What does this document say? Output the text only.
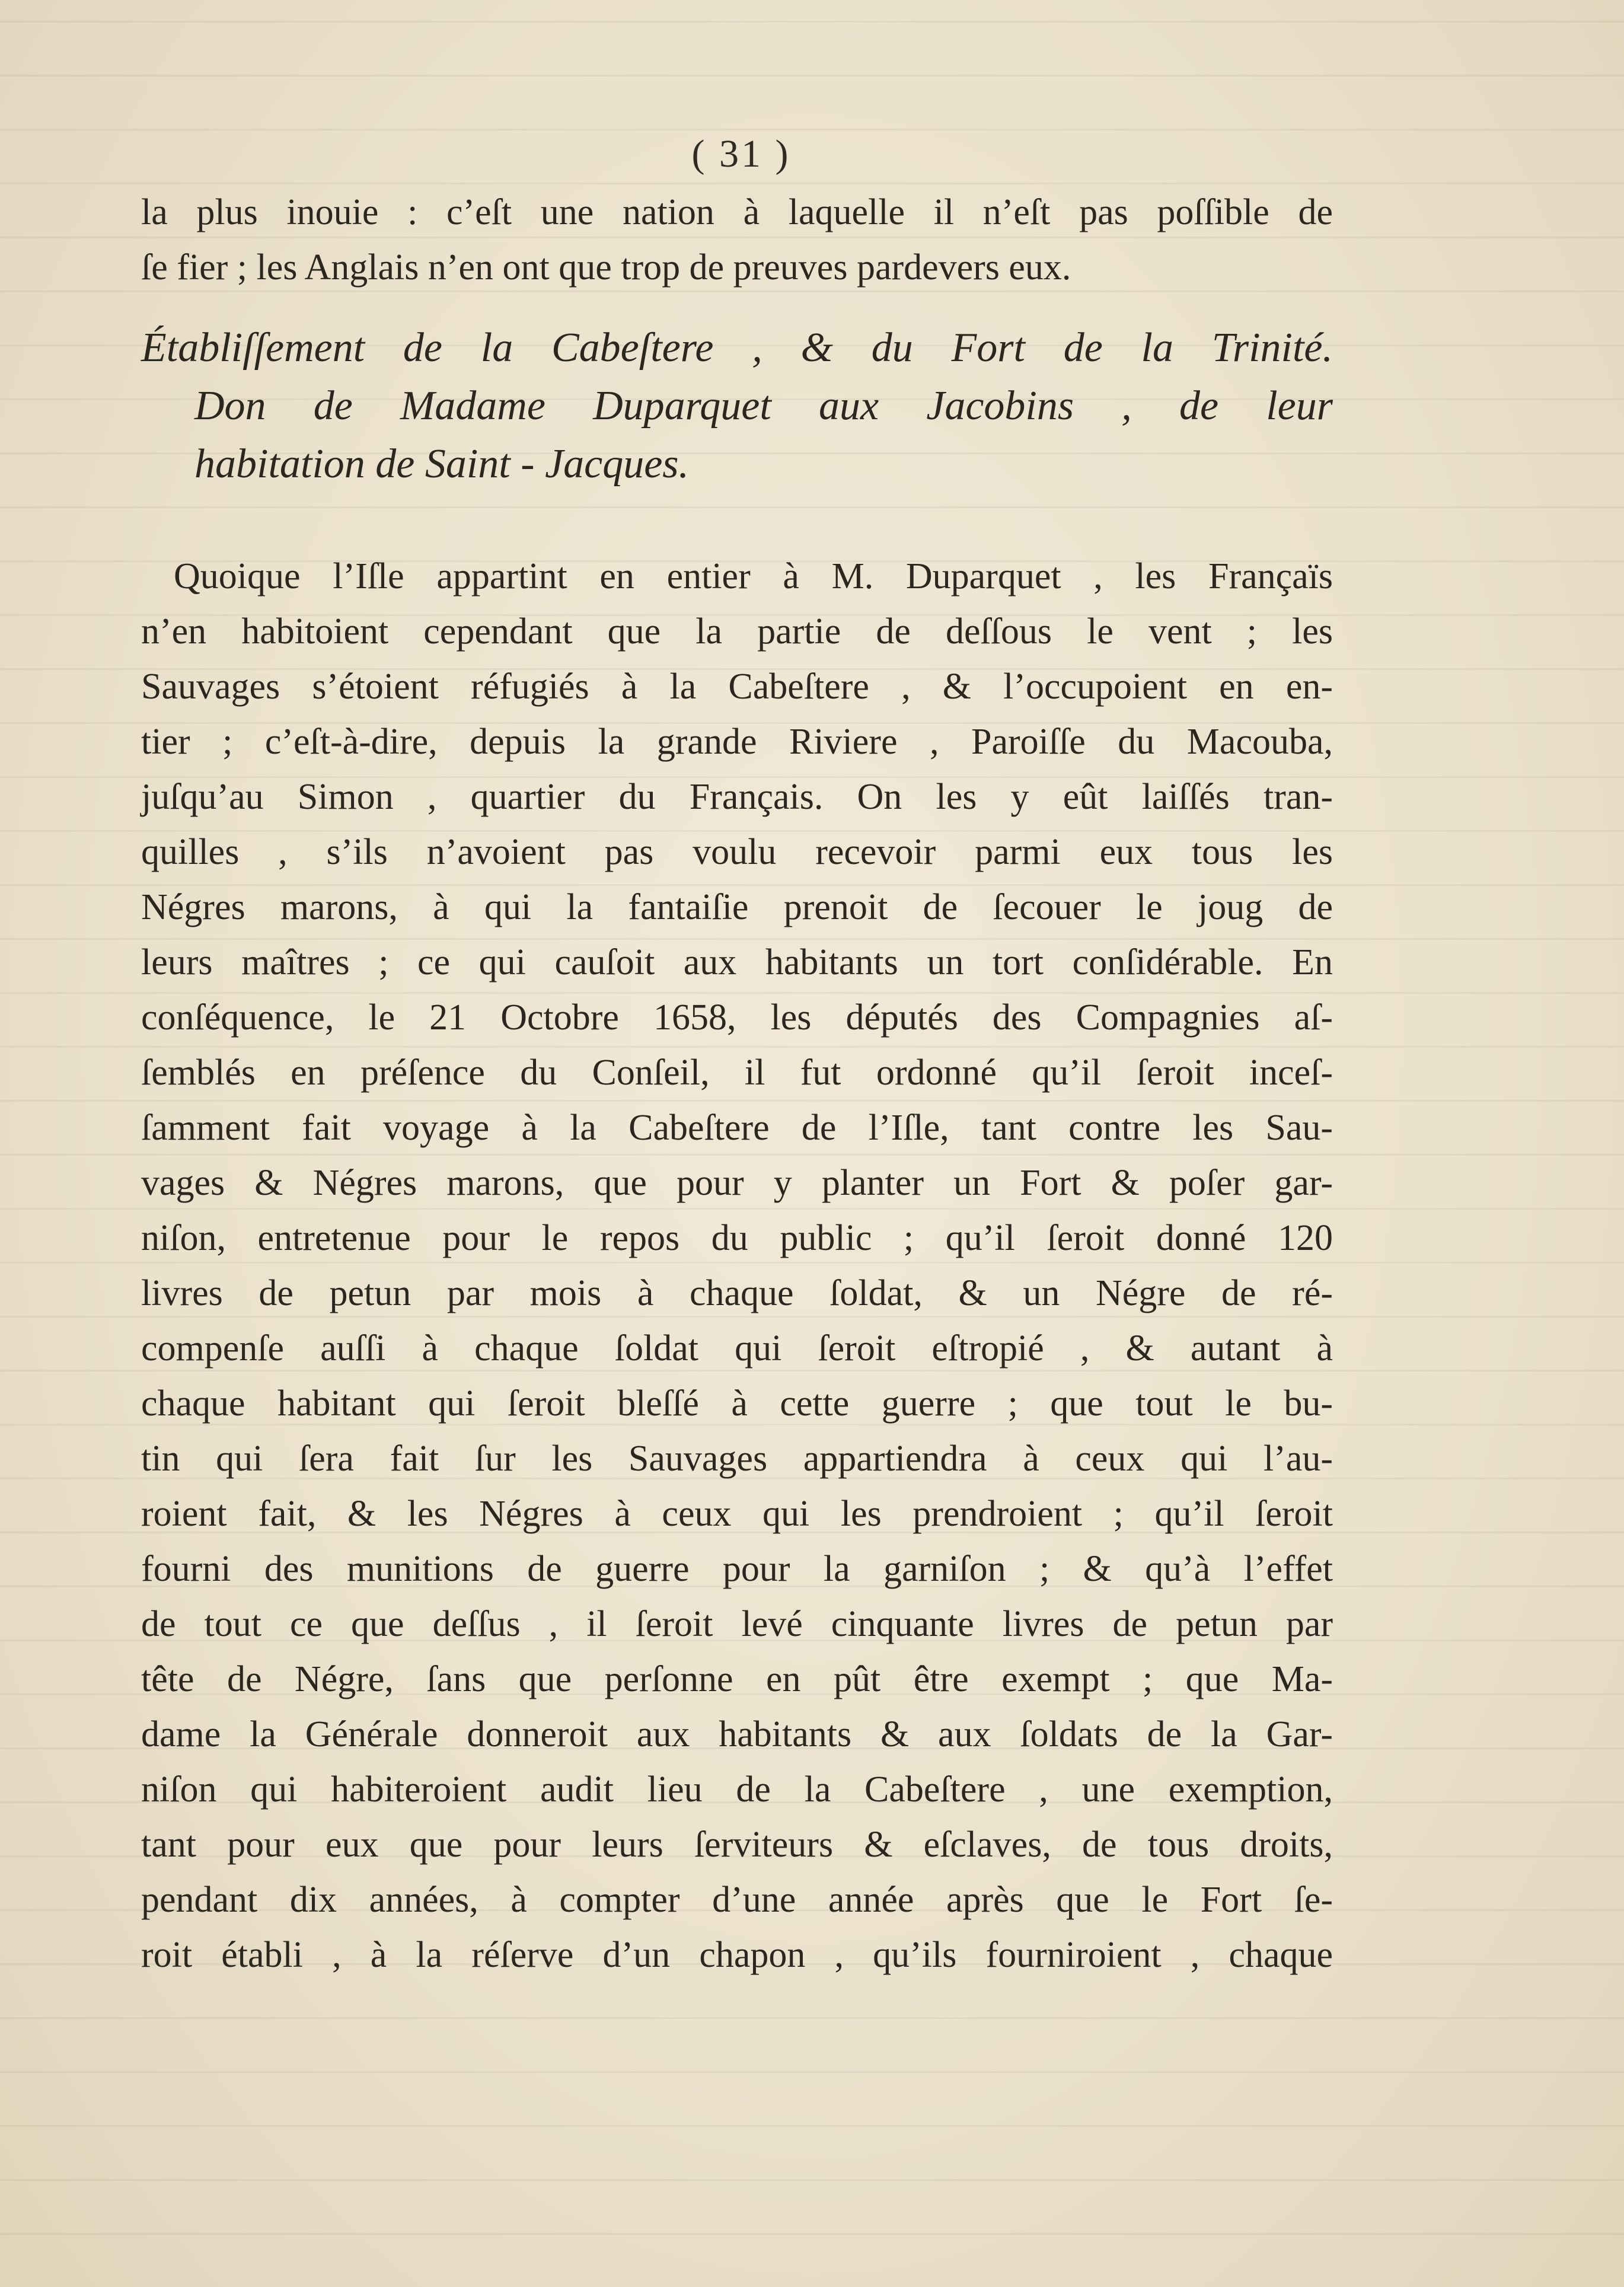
( 31 )
la plus inouie : c’eſt une nation à laquelle il n’eſt pas poſſible de
ſe fier ; les Anglais n’en ont que trop de preuves pardevers eux.
Établiſſement de la Cabeſtere , & du Fort de la Trinité.
Don de Madame Duparquet aux Jacobins , de leur
habitation de Saint - Jacques.
Quoique l’Iſle appartint en entier à M. Duparquet , les Françaïs
n’en habitoient cependant que la partie de deſſous le vent ; les
Sauvages s’étoient réfugiés à la Cabeſtere , & l’occupoient en en-
tier ; c’eſt-à-dire, depuis la grande Riviere , Paroiſſe du Macouba,
juſqu’au Simon , quartier du Français. On les y eût laiſſés tran-
quilles , s’ils n’avoient pas voulu recevoir parmi eux tous les
Négres marons, à qui la fantaiſie prenoit de ſecouer le joug de
leurs maîtres ; ce qui cauſoit aux habitants un tort conſidérable. En
conſéquence, le 21 Octobre 1658, les députés des Compagnies aſ-
ſemblés en préſence du Conſeil, il fut ordonné qu’il ſeroit inceſ-
ſamment fait voyage à la Cabeſtere de l’Iſle, tant contre les Sau-
vages & Négres marons, que pour y planter un Fort & poſer gar-
niſon, entretenue pour le repos du public ; qu’il ſeroit donné 120
livres de petun par mois à chaque ſoldat, & un Négre de ré-
compenſe auſſi à chaque ſoldat qui ſeroit eſtropié , & autant à
chaque habitant qui ſeroit bleſſé à cette guerre ; que tout le bu-
tin qui ſera fait ſur les Sauvages appartiendra à ceux qui l’au-
roient fait, & les Négres à ceux qui les prendroient ; qu’il ſeroit
fourni des munitions de guerre pour la garniſon ; & qu’à l’effet
de tout ce que deſſus , il ſeroit levé cinquante livres de petun par
tête de Négre, ſans que perſonne en pût être exempt ; que Ma-
dame la Générale donneroit aux habitants & aux ſoldats de la Gar-
niſon qui habiteroient audit lieu de la Cabeſtere , une exemption,
tant pour eux que pour leurs ſerviteurs & eſclaves, de tous droits,
pendant dix années, à compter d’une année après que le Fort ſe-
roit établi , à la réſerve d’un chapon , qu’ils fourniroient , chaque
